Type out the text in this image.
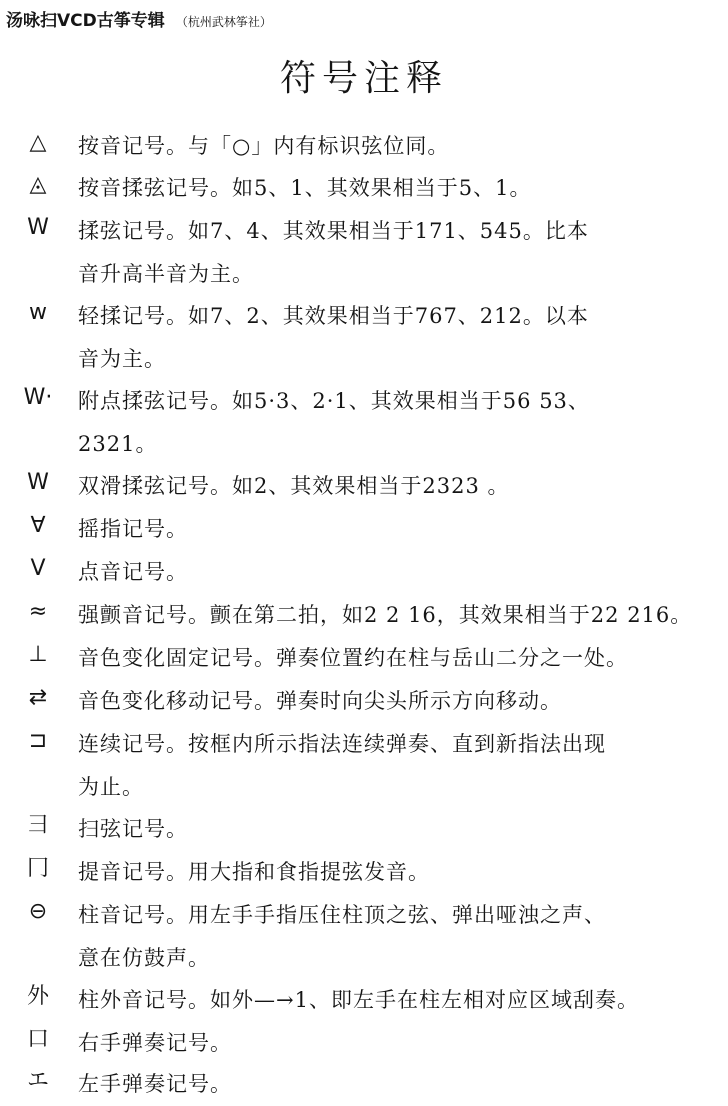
汤咏扫VCD古筝专辑 （杭州武林筝社）
符号注释
△	按音记号。与「○」内有标识弦位同。
◬	按音揉弦记号。如5、1、其效果相当于5、1。
W	揉弦记号。如7、4、其效果相当于171、545。比本
音升高半音为主。
w	轻揉记号。如7、2、其效果相当于767、212。以本
音为主。
W·	附点揉弦记号。如5·3、2·1、其效果相当于56 53、
2321。
W	双滑揉弦记号。如2、其效果相当于2323 。
∀	摇指记号。
V	点音记号。
≈	强颤音记号。颤在第二拍，如2 2 16，其效果相当于22 216。
⊥	音色变化固定记号。弹奏位置约在柱与岳山二分之一处。
⇄	音色变化移动记号。弹奏时向尖头所示方向移动。
⊐	连续记号。按框内所示指法连续弹奏、直到新指法出现
为止。
彐	扫弦记号。
冂	提音记号。用大指和食指提弦发音。
⊖	柱音记号。用左手手指压住柱顶之弦、弹出哑浊之声、
意在仿鼓声。
外	柱外音记号。如外—→1、即左手在柱左相对应区域刮奏。
口	右手弹奏记号。
エ	左手弹奏记号。
